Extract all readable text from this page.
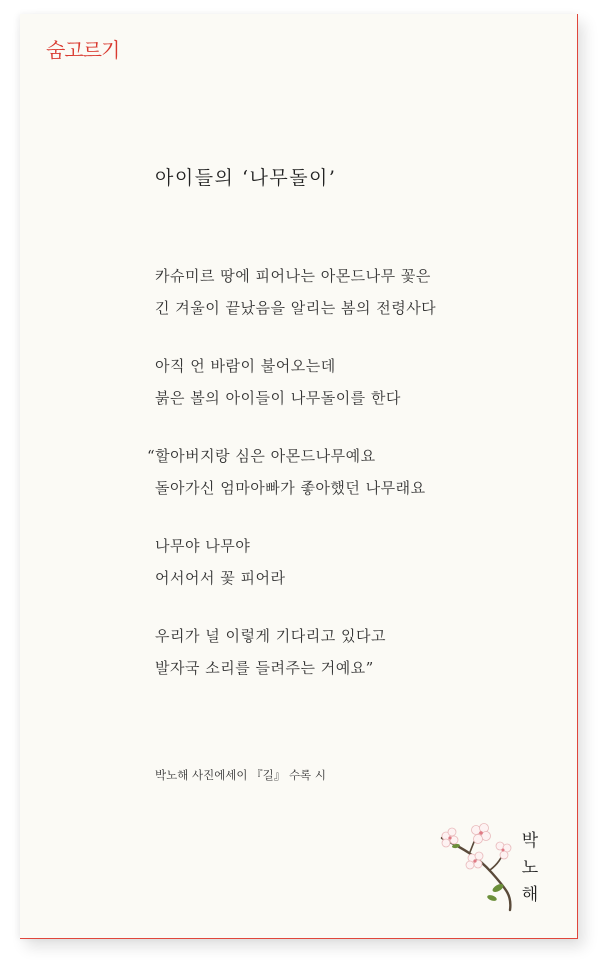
숨고르기
아이들의 ‘나무돌이’
카슈미르 땅에 피어나는 아몬드나무 꽃은
긴 겨울이 끝났음을 알리는 봄의 전령사다
아직 언 바람이 불어오는데
붉은 볼의 아이들이 나무돌이를 한다
“할아버지랑 심은 아몬드나무예요
돌아가신 엄마아빠가 좋아했던 나무래요
나무야 나무야
어서어서 꽃 피어라
우리가 널 이렇게 기다리고 있다고
발자국 소리를 들려주는 거예요”
박노해 사진에세이 『길』 수록 시
박
노
해
